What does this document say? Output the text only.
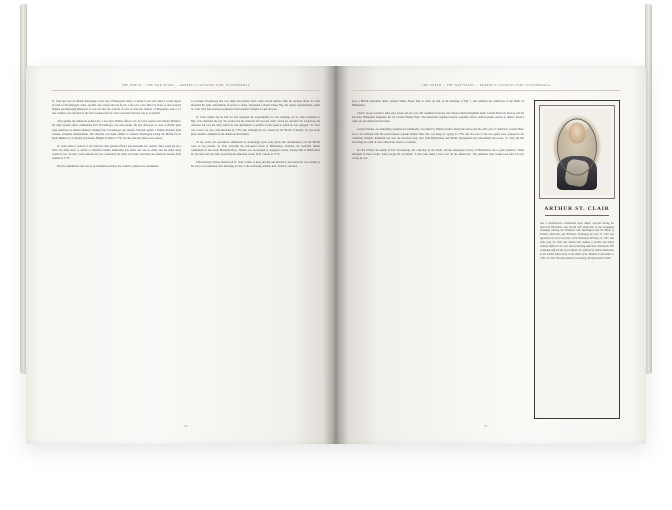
THE NORTH — THE WAR YEARS — ROBERT'S CAPTAINS FORT TICONDEROGA

St. Clair also had an reliable knowledge of the way of Burgoyne's army, as whom it was said when it would appear in front of Ticonderoga's walls, seconds were raised and ran by his. Clair saw a few filled an hours to turn back by Indians encompassing Burgoyne. It was not that the severity of love of what the rampart of Burgoyne's years of a new soldiers was elevated by the fort's lookout that St. Clair concerned what he was to an uphold.

After getting the American position for a few days, British officers saw by force surprise that Mount Defiance, the high ground which commanded Fort Ticonderoga, was unoccupied. He had afternoon on July 4, British guns were emplaced on Mount Defiance making Fort Ticonderoga, the enemy's bulwark against a British invasion from Canada, evidently undefendable. The situation was made similar to General Washington facing the British forces made Bunker by occupying Dorchester Heights in March 1776, but this time the tables were turned.

St. Clair called a council of war with his other general officers and presented two options. They could put up a brave but futile show to satisfy or embattled enemy demanding that much and win in which case the entire army would be lost. Or they could abandon the fort, preserving the army and better protecting the American interest from Canada in 1776.

Shortly remembered and was in an untenable position, the council's opinion was unanimous:

to evacuate Ticonderoga that very night and quickly move south toward Albany. With his decision made, St. Clair informed his other subordinates in person to share. Lieutenant Colonel Udney Hay, the deputy quartermaster, asked St. Clair if he had received permission from General Schuyler to quit the post.

St. Clair replied that he had not and reiterated the responsibility he was assuming. As St. Clair explained to Hay, if he defended the fort "he would save his character but lose the army" and if he retreated "he would lose his character but save the army which he was determined to sacrifice in the name in which he was engaged." St. Clair was correct; he was court-martialed in 1778, and, although he was cleared by the Board of Inquiry, he was never given another command in the American Revolution.

At any event, the evacuation commenced as surprisingly good order given the circumstances, but the British were to lose pursuit. St. Clair conceded the rear-guard action at Hubbardton, Vermont, the tactically skilled commander of the Green Mountain Boys, Warner was encouraged to rearguard actions, buying time at Hubbardton for the main unit and later protecting the American retreat from Canada in 1776.

Unfortunately, Warner Reinforced St. Clair's orders to keep moving and decided to lead down for the evening as his force was exhausted after marching all day to the sweltering summer heat. Warner's decision

84
THE NORTH — THE WAR YEARS — ROBERT'S CAPTAINS FORT TICONDEROGA

gave a British hard-hitter under General Simon Fraser time to catch up and, in the morning of July 7, this smashed the Americans at the Battle of Hubbardton.

Claire's troops reached a little after versus out-ran over still continued from the 11th Texas-Camden Regiment under Colonel Hancock Frances and his and New Hampshire Regiment led by Colonel Nathan Hale. The Americans regained several casualties before reinforcements arrived to deliver Fraser's ranks out the American line broke.

Colonel Warner, an outstanding experienced commander, was killed by British soldiers during the retreat and the early part of collection. Colonel Hale, not to be confused with the noted famous Captain Nathan Hale who was hung for spying in 1776, and also one of the rear guard were captured in the confusion. Warner's Regiment lost near the retreated away, now from Hubbardton and further disorganized and discomfited the troops. St. Clair did this next thing he could do and ordered the retreat to continue.

For the 8 Hale, the enemy of Fort Ticonderoga, the collection of the North, and the subsequent victory at Hubbardton, led to great jubilance. When informed of these events, King George III exclaimed, "I have beat them, I have beat all the Americans." The jubilance king would soon find out how wrong he was.

ARTHUR ST. CLAIR

was a Scottish-born Continental Army Major General during the American Revolution who served with distinction at the campaigns including winning the Delaware with Washington and the Battle of Trenton, Princeton, and Yorktown. Following the year St. Clair was appointed the first Governor of the Northwest Territory in 1787, that same year, St. Clair was named with leading a terrible and abject military defeat to his own most promising American settlements. His command suffered the worst defeat ever inflicted by Native Americans at the United States Army in the limits of the Wabash in December 4, 1791. St. Clair then presumed in Greensburg, Pennsylvania in 1818.

85
